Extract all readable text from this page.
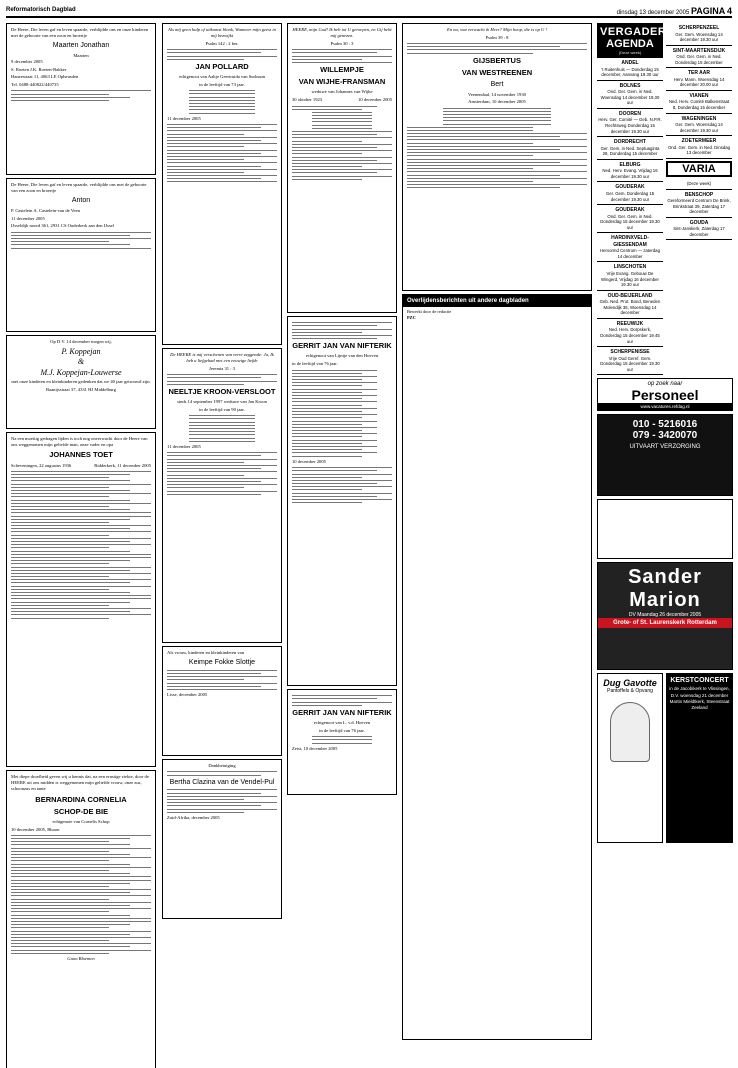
Reformatorisch Dagblad	dinsdag 13 december 2005 PAGINA 4

De Heere, Die leven gaf en leven spaarde, verblijdde ons en onze kinderen met de geboorte van een zoon en broertje

Maarten Jonathan
Maarten

9 december 2005

S. Roeten J.K. Roeten-Bakker

Hanzestraat 11, 4063 LE Opheusden

Tel. 0488-440822/440735

De Heere, Die leven gaf en leven spaarde, verblijdde ons met de geboorte van een zoon en broertje

Anton

P. Castelein A. Castelein-van de Veen

11 december 2005

IJsseldijk noord 361, 2931 CS Ouderkerk aan den IJssel

Op D.V. 14 december mogen wij,

P. Koppejan
&
M.J. Koppejan-Louwerse

met onze kinderen en kleinkinderen gedenken dat we 40 jaar getrouwd zijn.

Baanijsstraat 37, 4331 HJ Middelburg

Na een moeitig gedragen lijden is toch nog onverwacht door de Heere van ons weggenomen mijn geliefde man, onze vader en opa

JOHANNES TOET
Scheveningen, 22 augustus 1936	Ridderkerk, 11 december 2005

Met diepe droefheid geven wij u kennis dat, na een ernstige ziekte, door de HEERE uit ons midden is weggenomen mijn geliefde vrouw, onze zus, schoonzus en tante

BERNARDINA CORNELIA
SCHOP-DE BIE

echtgenote van Cornelis Schop

10 december 2005, Rhoon

Gaon Bloemen

Als mij geen hulp of uitkomst blonk, Wanneer mijn geest in mij bezwijkt

Psalm 142 : 2 ber.

JAN POLLARD

echtgenoot van Aaltje Geertruida van Surksum

in de leeftijd van 73 jaar.

11 december 2005

De HEERE is mij verschenen van verre zeggende: Ja, Ik heb u liefgehad met een eeuwige liefde

Jeremia 31 : 3

NEELTJE KROON-VERSLOOT

sinds 14 september 1997 weduwe van Jan Kroon

in de leeftijd van 90 jaar.

11 december 2005

Als vrouw, kinderen en kleinkinderen van

Keimpe Fokke Slottje

Lisse, december 2005

Dankbetuiging

Bertha Clazina van de Vendel-Pul

Zuid-Afrika, december 2005

HEERE, mijn God! Ik heb tot U geroepen, en Gij hebt mij genezen.

Psalm 30 : 3

WILLEMPJE
VAN WIJHE-FRANSMAN

weduwe van Johannes van Wijhe

30 oktober 1923	10 december 2005
GERRIT JAN VAN NIFTERIK

echtgenoot van Lijntje van den Hoeven

in de leeftijd van 76 jaar.

10 december 2005

GERRIT JAN VAN NIFTERIK

echtgenoot van L. v.d. Hoeven

in de leeftijd van 76 jaar.

Zeist, 10 december 2005

En nu, wat verwacht ik Heer? Mijn hoop, die is op U !

Psalm 39 : 8

GIJSBERTUS
VAN WESTREENEN
Bert

Veenendaal, 14 november 1930

Amsterdam, 10 december 2005

Overlijdensberichten uit andere dagbladen

Bewerkt door de redactie

PZC

VERGADER-
AGENDA
(Deze week)
ANDEL
't Ruitenhuis — Donderdag 15 december, Aanvang 19.30 uur
BOLNES
Ond. Ger. Gem. in Ned. Woensdag 14 december 19.30 uur
DOOREN
Herv. Ger. Comité — Geb. N.P.R. Rechtsweg Donderdag 15 december 19.30 uur
DORDRECHT
Ger. Gem. in Ned. Septuaginta 28, Donderdag 15 december
ELBURG
Ned. Herv. Evang. Vrijdag 16 december 19.30 uur
GOUDERAK
Ger. Gem. Donderdag 15 december 19.30 uur
GOUDERAK
Ond. Ger. Gem. in Ned. Donderdag 15 december 19.30 uur
HARDINXVELD-GIESSENDAM
Hervormd Centrum — zaterdag 14 december
LINSCHOTEN
Vrije Evang. Gebouw De Wingerd, Vrijdag 16 december 19.30 uur
OUD-BEIJERLAND
Geb. Ned. Prot. Bond, Beneden Molendijk 35, Woensdag 14 december
REEUWIJK
Ned. Herv. Dorpskerk, Donderdag 15 december 19.45 uur
SCHERPENISSE
Vrije Oud Geref. Gem. Donderdag 15 december 19.30 uur
SCHERPENZEEL
Ger. Gem. Woensdag 14 december 19.30 uur
SINT-MAARTENSDIJK
Ond. Ger. Gem. in Ned. Donderdag 15 december
TER AAR
Herv. Mann. Woensdag 14 december 20.00 uur
VIANEN
Ned. Herv. Comité Balkenstraat 8, Donderdag 15 december
WAGENINGEN
Ger. Gem. Woensdag 14 december 19.30 uur
ZOETERMEER
Ond. Ger. Gem. in Ned. Dinsdag 13 december
VARIA
(Deze week)
BENSCHOP
Gereformeerd Centrum De Brink, Brinkstraat 39, Zaterdag 17 december
GOUDA
Sint-Janskerk, Zaterdag 17 december
op zoek naar
Personeel
www.vacatures.refdag.nl
010 - 5216016
079 - 3420070
UITVAART VERZORGING
Sander
Marion
DV Maandag 26 december 2005
Grote- of St. Laurenskerk Rotterdam
Dug Gavotte
Pantoffels & Opvang
KERSTCONCERT

in de Jacobikerk te Vlissingen, D.V. woensdag 21 december

Martin Mieldtkerk, Steenstraat Zeeland
